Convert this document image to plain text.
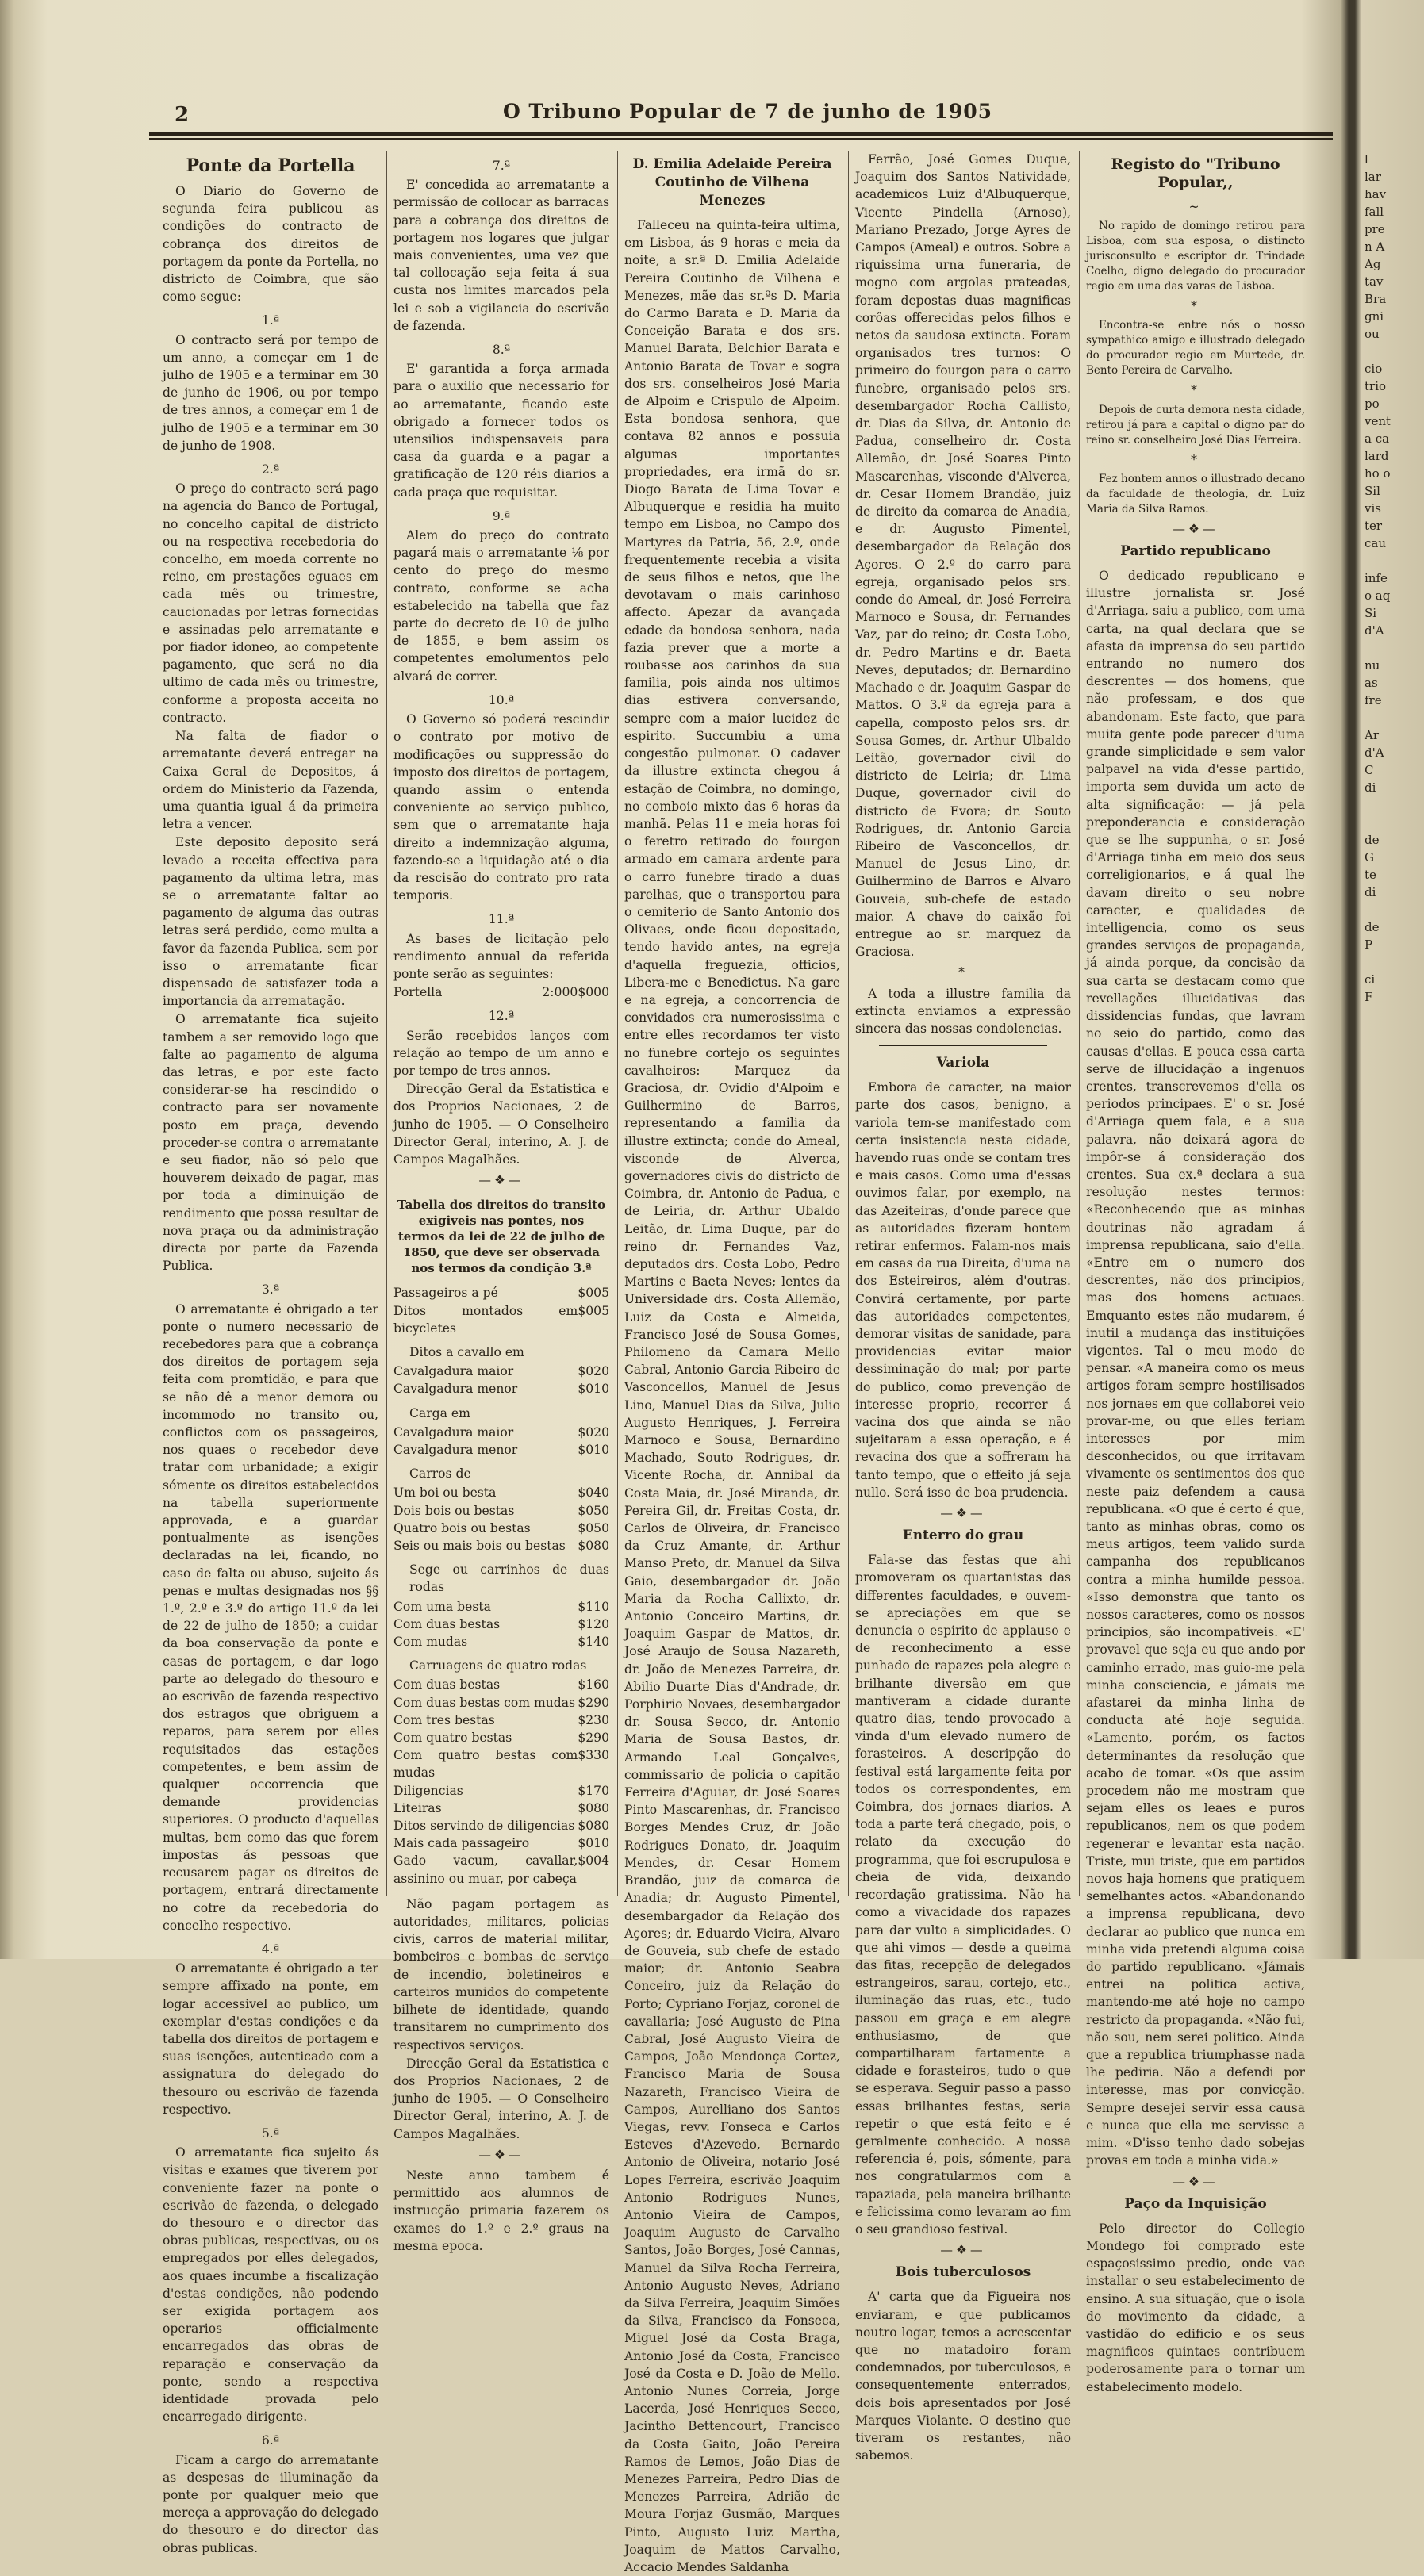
2	O Tribuno Popular de 7 de junho de 1905
Ponte da Portella

O Diario do Governo de segunda feira publicou as condições do contracto de cobrança dos direitos de portagem da ponte da Portella, no districto de Coimbra, que são como segue:

1.ª

O contracto será por tempo de um anno, a começar em 1 de julho de 1905 e a terminar em 30 de junho de 1906, ou por tempo de tres annos, a começar em 1 de julho de 1905 e a terminar em 30 de junho de 1908.

2.ª

O preço do contracto será pago na agencia do Banco de Portugal, no concelho capital de districto ou na respectiva recebedoria do concelho, em moeda corrente no reino, em prestações eguaes em cada mês ou trimestre, caucionadas por letras fornecidas e assinadas pelo arrematante e por fiador idoneo, ao competente pagamento, que será no dia ultimo de cada mês ou trimestre, conforme a proposta acceita no contracto.

Na falta de fiador o arrematante deverá entregar na Caixa Geral de Depositos, á ordem do Ministerio da Fazenda, uma quantia igual á da primeira letra a vencer.

Este deposito deposito será levado a receita effectiva para pagamento da ultima letra, mas se o arrematante faltar ao pagamento de alguma das outras letras será perdido, como multa a favor da fazenda Publica, sem por isso o arrematante ficar dispensado de satisfazer toda a importancia da arrematação.

O arrematante fica sujeito tambem a ser removido logo que falte ao pagamento de alguma das letras, e por este facto considerar-se ha rescindido o contracto para ser novamente posto em praça, devendo proceder-se contra o arrematante e seu fiador, não só pelo que houverem deixado de pagar, mas por toda a diminuição de rendimento que possa resultar de nova praça ou da administração directa por parte da Fazenda Publica.

3.ª

O arrematante é obrigado a ter ponte o numero necessario de recebedores para que a cobrança dos direitos de portagem seja feita com promtidão, e para que se não dê a menor demora ou incommodo no transito ou, conflictos com os passageiros, nos quaes o recebedor deve tratar com urbanidade; a exigir sómente os direitos estabelecidos na tabella superiormente approvada, e a guardar pontualmente as isenções declaradas na lei, ficando, no caso de falta ou abuso, sujeito ás penas e multas designadas nos §§ 1.º, 2.º e 3.º do artigo 11.º da lei de 22 de julho de 1850; a cuidar da boa conservação da ponte e casas de portagem, e dar logo parte ao delegado do thesouro e ao escrivão de fazenda respectivo dos estragos que obriguem a reparos, para serem por elles requisitados das estações competentes, e bem assim de qualquer occorrencia que demande providencias superiores. O producto d'aquellas multas, bem como das que forem impostas ás pessoas que recusarem pagar os direitos de portagem, entrará directamente no cofre da recebedoria do concelho respectivo.

4.ª

O arrematante é obrigado a ter sempre affixado na ponte, em logar accessivel ao publico, um exemplar d'estas condições e da tabella dos direitos de portagem e suas isenções, autenticado com a assignatura do delegado do thesouro ou escrivão de fazenda respectivo.

5.ª

O arrematante fica sujeito ás visitas e exames que tiverem por conveniente fazer na ponte o escrivão de fazenda, o delegado do thesouro e o director das obras publicas, respectivas, ou os empregados por elles delegados, aos quaes incumbe a fiscalização d'estas condições, não podendo ser exigida portagem aos operarios officialmente encarregados das obras de reparação e conservação da ponte, sendo a respectiva identidade provada pelo encarregado dirigente.

6.ª

Ficam a cargo do arrematante as despesas de illuminação da ponte por qualquer meio que mereça a approvação do delegado do thesouro e do director das obras publicas.

7.ª

E' concedida ao arrematante a permissão de collocar as barracas para a cobrança dos direitos de portagem nos logares que julgar mais convenientes, uma vez que tal collocação seja feita á sua custa nos limites marcados pela lei e sob a vigilancia do escrivão de fazenda.

8.ª

E' garantida a força armada para o auxilio que necessario for ao arrematante, ficando este obrigado a fornecer todos os utensilios indispensaveis para casa da guarda e a pagar a gratificação de 120 réis diarios a cada praça que requisitar.

9.ª

Alem do preço do contrato pagará mais o arrematante ⅛ por cento do preço do mesmo contrato, conforme se acha estabelecido na tabella que faz parte do decreto de 10 de julho de 1855, e bem assim os competentes emolumentos pelo alvará de correr.

10.ª

O Governo só poderá rescindir o contrato por motivo de modificações ou suppressão do imposto dos direitos de portagem, quando assim o entenda conveniente ao serviço publico, sem que o arrematante haja direito a indemnização alguma, fazendo-se a liquidação até o dia da rescisão do contrato pro rata temporis.

11.ª

As bases de licitação pelo rendimento annual da referida ponte serão as seguintes:

Portella	2:000$000
12.ª

Serão recebidos lanços com relação ao tempo de um anno e por tempo de tres annos.

Direcção Geral da Estatistica e dos Proprios Nacionaes, 2 de junho de 1905. — O Conselheiro Director Geral, interino, A. J. de Campos Magalhães.

—❖—
Tabella dos direitos do transito exigiveis nas pontes, nos termos da lei de 22 de julho de 1850, que deve ser observada nos termos da condição 3.ª
Passageiros a pé	$005
Ditos montados em bicycletes	$005
Ditos a cavallo em	
Cavalgadura maior	$020
Cavalgadura menor	$010
Carga em	
Cavalgadura maior	$020
Cavalgadura menor	$010
Carros de	
Um boi ou besta	$040
Dois bois ou bestas	$050
Quatro bois ou bestas	$050
Seis ou mais bois ou bestas	$080
Sege ou carrinhos de duas rodas	
Com uma besta	$110
Com duas bestas	$120
Com mudas	$140
Carruagens de quatro rodas	
Com duas bestas	$160
Com duas bestas com mudas	$290
Com tres bestas	$230
Com quatro bestas	$290
Com quatro bestas com mudas	$330
Diligencias	$170
Liteiras	$080
Ditos servindo de diligencias	$080
Mais cada passageiro	$010
Gado vacum, cavallar, assinino ou muar, por cabeça	$004

Não pagam portagem as autoridades, militares, policias civis, carros de material militar, bombeiros e bombas de serviço de incendio, boletineiros e carteiros munidos do competente bilhete de identidade, quando transitarem no cumprimento dos respectivos serviços.

Direcção Geral da Estatistica e dos Proprios Nacionaes, 2 de junho de 1905. — O Conselheiro Director Geral, interino, A. J. de Campos Magalhães.

—❖—

Neste anno tambem é permittido aos alumnos de instrucção primaria fazerem os exames do 1.º e 2.º graus na mesma epoca.

D. Emilia Adelaide Pereira Coutinho de Vilhena Menezes

Falleceu na quinta-feira ultima, em Lisboa, ás 9 horas e meia da noite, a sr.ª D. Emilia Adelaide Pereira Coutinho de Vilhena e Menezes, mãe das sr.ªs D. Maria do Carmo Barata e D. Maria da Conceição Barata e dos srs. Manuel Barata, Belchior Barata e Antonio Barata de Tovar e sogra dos srs. conselheiros José Maria de Alpoim e Crispulo de Alpoim. Esta bondosa senhora, que contava 82 annos e possuia algumas importantes propriedades, era irmã do sr. Diogo Barata de Lima Tovar e Albuquerque e residia ha muito tempo em Lisboa, no Campo dos Martyres da Patria, 56, 2.º, onde frequentemente recebia a visita de seus filhos e netos, que lhe devotavam o mais carinhoso affecto. Apezar da avançada edade da bondosa senhora, nada fazia prever que a morte a roubasse aos carinhos da sua familia, pois ainda nos ultimos dias estivera conversando, sempre com a maior lucidez de espirito. Succumbiu a uma congestão pulmonar. O cadaver da illustre extincta chegou á estação de Coimbra, no domingo, no comboio mixto das 6 horas da manhã. Pelas 11 e meia horas foi o feretro retirado do fourgon armado em camara ardente para o carro funebre tirado a duas parelhas, que o transportou para o cemiterio de Santo Antonio dos Olivaes, onde ficou depositado, tendo havido antes, na egreja d'aquella freguezia, officios, Libera-me e Benedictus. Na gare e na egreja, a concorrencia de convidados era numerosissima e entre elles recordamos ter visto no funebre cortejo os seguintes cavalheiros: Marquez da Graciosa, dr. Ovidio d'Alpoim e Guilhermino de Barros, representando a familia da illustre extincta; conde do Ameal, visconde de Alverca, governadores civis do districto de Coimbra, dr. Antonio de Padua, e de Leiria, dr. Arthur Ubaldo Leitão, dr. Lima Duque, par do reino dr. Fernandes Vaz, deputados drs. Costa Lobo, Pedro Martins e Baeta Neves; lentes da Universidade drs. Costa Allemão, Luiz da Costa e Almeida, Francisco José de Sousa Gomes, Philomeno da Camara Mello Cabral, Antonio Garcia Ribeiro de Vasconcellos, Manuel de Jesus Lino, Manuel Dias da Silva, Julio Augusto Henriques, J. Ferreira Marnoco e Sousa, Bernardino Machado, Souto Rodrigues, dr. Vicente Rocha, dr. Annibal da Costa Maia, dr. José Miranda, dr. Pereira Gil, dr. Freitas Costa, dr. Carlos de Oliveira, dr. Francisco da Cruz Amante, dr. Arthur Manso Preto, dr. Manuel da Silva Gaio, desembargador dr. João Maria da Rocha Callixto, dr. Antonio Conceiro Martins, dr. Joaquim Gaspar de Mattos, dr. José Araujo de Sousa Nazareth, dr. João de Menezes Parreira, dr. Abilio Duarte Dias d'Andrade, dr. Porphirio Novaes, desembargador dr. Sousa Secco, dr. Antonio Maria de Sousa Bastos, dr. Armando Leal Gonçalves, commissario de policia o capitão Ferreira d'Aguiar, dr. José Soares Pinto Mascarenhas, dr. Francisco Borges Mendes Cruz, dr. João Rodrigues Donato, dr. Joaquim Mendes, dr. Cesar Homem Brandão, juiz da comarca de Anadia; dr. Augusto Pimentel, desembargador da Relação dos Açores; dr. Eduardo Vieira, Alvaro de Gouveia, sub chefe de estado maior; dr. Antonio Seabra Conceiro, juiz da Relação do Porto; Cypriano Forjaz, coronel de cavallaria; José Augusto de Pina Cabral, José Augusto Vieira de Campos, João Mendonça Cortez, Francisco Maria de Sousa Nazareth, Francisco Vieira de Campos, Aurelliano dos Santos Viegas, revv. Fonseca e Carlos Esteves d'Azevedo, Bernardo Antonio de Oliveira, notario José Lopes Ferreira, escrivão Joaquim Antonio Rodrigues Nunes, Antonio Vieira de Campos, Joaquim Augusto de Carvalho Santos, João Borges, José Cannas, Manuel da Silva Rocha Ferreira, Antonio Augusto Neves, Adriano da Silva Ferreira, Joaquim Simões da Silva, Francisco da Fonseca, Miguel José da Costa Braga, Antonio José da Costa, Francisco José da Costa e D. João de Mello. Antonio Nunes Correia, Jorge Lacerda, José Henriques Secco, Jacintho Bettencourt, Francisco da Costa Gaito, João Pereira Ramos de Lemos, João Dias de Menezes Parreira, Pedro Dias de Menezes Parreira, Adrião de Moura Forjaz Gusmão, Marques Pinto, Augusto Luiz Martha, Joaquim de Mattos Carvalho, Accacio Mendes Saldanha

Ferrão, José Gomes Duque, Joaquim dos Santos Natividade, academicos Luiz d'Albuquerque, Vicente Pindella (Arnoso), Mariano Prezado, Jorge Ayres de Campos (Ameal) e outros. Sobre a riquissima urna funeraria, de mogno com argolas prateadas, foram depostas duas magnificas corôas offerecidas pelos filhos e netos da saudosa extincta. Foram organisados tres turnos: O primeiro do fourgon para o carro funebre, organisado pelos srs. desembargador Rocha Callisto, dr. Dias da Silva, dr. Antonio de Padua, conselheiro dr. Costa Allemão, dr. José Soares Pinto Mascarenhas, visconde d'Alverca, dr. Cesar Homem Brandão, juiz de direito da comarca de Anadia, e dr. Augusto Pimentel, desembargador da Relação dos Açores. O 2.º do carro para egreja, organisado pelos srs. conde do Ameal, dr. José Ferreira Marnoco e Sousa, dr. Fernandes Vaz, par do reino; dr. Costa Lobo, dr. Pedro Martins e dr. Baeta Neves, deputados; dr. Bernardino Machado e dr. Joaquim Gaspar de Mattos. O 3.º da egreja para a capella, composto pelos srs. dr. Sousa Gomes, dr. Arthur Ulbaldo Leitão, governador civil do districto de Leiria; dr. Lima Duque, governador civil do districto de Evora; dr. Souto Rodrigues, dr. Antonio Garcia Ribeiro de Vasconcellos, dr. Manuel de Jesus Lino, dr. Guilhermino de Barros e Alvaro Gouveia, sub-chefe de estado maior. A chave do caixão foi entregue ao sr. marquez da Graciosa.

*

A toda a illustre familia da extincta enviamos a expressão sincera das nossas condolencias.

Variola

Embora de caracter, na maior parte dos casos, benigno, a variola tem-se manifestado com certa insistencia nesta cidade, havendo ruas onde se contam tres e mais casos. Como uma d'essas ouvimos falar, por exemplo, na das Azeiteiras, d'onde parece que as autoridades fizeram hontem retirar enfermos. Falam-nos mais em casas da rua Direita, d'uma na dos Esteireiros, além d'outras. Convirá certamente, por parte das autoridades competentes, demorar visitas de sanidade, para providencias evitar maior dessiminação do mal; por parte do publico, como prevenção de interesse proprio, recorrer á vacina dos que ainda se não sujeitaram a essa operação, e é revacina dos que a soffreram ha tanto tempo, que o effeito já seja nullo. Será isso de boa prudencia.

—❖—
Enterro do grau

Fala-se das festas que ahi promoveram os quartanistas das differentes faculdades, e ouvem-se apreciações em que se denuncia o espirito de applauso e de reconhecimento a esse punhado de rapazes pela alegre e brilhante diversão em que mantiveram a cidade durante quatro dias, tendo provocado a vinda d'um elevado numero de forasteiros. A descripção do festival está largamente feita por todos os correspondentes, em Coimbra, dos jornaes diarios. A toda a parte terá chegado, pois, o relato da execução do programma, que foi escrupulosa e cheia de vida, deixando recordação gratissima. Não ha como a vivacidade dos rapazes para dar vulto a simplicidades. O que ahi vimos — desde a queima das fitas, recepção de delegados estrangeiros, sarau, cortejo, etc., iluminação das ruas, etc., tudo passou em graça e em alegre enthusiasmo, de que compartilharam fartamente a cidade e forasteiros, tudo o que se esperava. Seguir passo a passo essas brilhantes festas, seria repetir o que está feito e é geralmente conhecido. A nossa referencia é, pois, sómente, para nos congratularmos com a rapaziada, pela maneira brilhante e felicissima como levaram ao fim o seu grandioso festival.

—❖—
Bois tuberculosos

A' carta que da Figueira nos enviaram, e que publicamos noutro logar, temos a acrescentar que no matadoiro foram condemnados, por tuberculosos, e consequentemente enterrados, dois bois apresentados por José Marques Violante. O destino que tiveram os restantes, não sabemos.

Registo do "Tribuno Popular,,
~

No rapido de domingo retirou para Lisboa, com sua esposa, o distincto jurisconsulto e escriptor dr. Trindade Coelho, digno delegado do procurador regio em uma das varas de Lisboa.

*

Encontra-se entre nós o nosso sympathico amigo e illustrado delegado do procurador regio em Murtede, dr. Bento Pereira de Carvalho.

*

Depois de curta demora nesta cidade, retirou já para a capital o digno par do reino sr. conselheiro José Dias Ferreira.

*

Fez hontem annos o illustrado decano da faculdade de theologia, dr. Luiz Maria da Silva Ramos.

—❖—
Partido republicano

O dedicado republicano e illustre jornalista sr. José d'Arriaga, saiu a publico, com uma carta, na qual declara que se afasta da imprensa do seu partido entrando no numero dos descrentes — dos homens, que não professam, e dos que abandonam. Este facto, que para muita gente pode parecer d'uma grande simplicidade e sem valor palpavel na vida d'esse partido, importa sem duvida um acto de alta significação: — já pela preponderancia e consideração que se lhe suppunha, o sr. José d'Arriaga tinha em meio dos seus correligionarios, e á qual lhe davam direito o seu nobre caracter, e qualidades de intelligencia, como os seus grandes serviços de propaganda, já ainda porque, da concisão da sua carta se destacam como que revellações illucidativas das dissidencias fundas, que lavram no seio do partido, como das causas d'ellas. E pouca essa carta serve de illucidação a ingenuos crentes, transcrevemos d'ella os periodos principaes. E' o sr. José d'Arriaga quem fala, e a sua palavra, não deixará agora de impôr-se á consideração dos crentes. Sua ex.ª declara a sua resolução nestes termos: «Reconhecendo que as minhas doutrinas não agradam á imprensa republicana, saio d'ella. «Entre em o numero dos descrentes, não dos principios, mas dos homens actuaes. Emquanto estes não mudarem, é inutil a mudança das instituições vigentes. Tal o meu modo de pensar. «A maneira como os meus artigos foram sempre hostilisados nos jornaes em que collaborei veio provar-me, ou que elles feriam interesses por mim desconhecidos, ou que irritavam vivamente os sentimentos dos que neste paiz defendem a causa republicana. «O que é certo é que, tanto as minhas obras, como os meus artigos, teem valido surda campanha dos republicanos contra a minha humilde pessoa. «Isso demonstra que tanto os nossos caracteres, como os nossos principios, são incompativeis. «E' provavel que seja eu que ando por caminho errado, mas guio-me pela minha consciencia, e jámais me afastarei da minha linha de conducta até hoje seguida. «Lamento, porém, os factos determinantes da resolução que acabo de tomar. «Os que assim procedem não me mostram que sejam elles os leaes e puros republicanos, nem os que podem regenerar e levantar esta nação. Triste, mui triste, que em partidos novos haja homens que pratiquem semelhantes actos. «Abandonando a imprensa republicana, devo declarar ao publico que nunca em minha vida pretendi alguma coisa do partido republicano. «Jámais entrei na politica activa, mantendo-me até hoje no campo restricto da propaganda. «Não fui, não sou, nem serei politico. Ainda que a republica triumphasse nada lhe pediria. Não a defendi por interesse, mas por convicção. Sempre desejei servir essa causa e nunca que ella me servisse a mim. «D'isso tenho dado sobejas provas em toda a minha vida.»

—❖—
Paço da Inquisição

Pelo director do Collegio Mondego foi comprado este espaçosissimo predio, onde vae installar o seu estabelecimento de ensino. A sua situação, que o isola do movimento da cidade, a vastidão do edificio e os seus magnificos quintaes contribuem poderosamente para o tornar um estabelecimento modelo.

l
lar
hav
fall
pre
n A
Ag
tav
Bra
gni
ou

cio
trio
po
vent
a ca
lard
ho o
Sil
vis
ter
cau

infe
o aq
Si
d'A

nu
as
fre

Ar
d'A
C
di

de
G
te
di

de
P

ci
F
